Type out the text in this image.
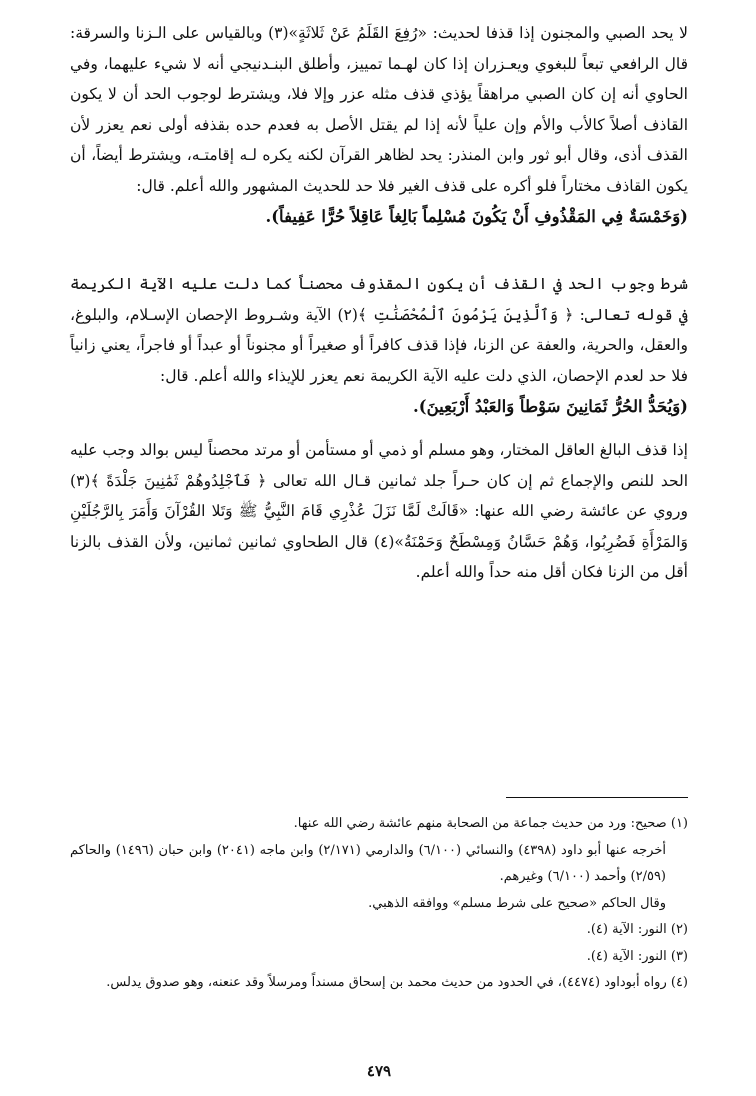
لا يحد الصبي والمجنون إذا قذفا لحديث: «رُفِعَ القَلَمُ عَنْ ثَلاثَةٍ»(٣) وبالقياس على الـزنا والسرقة: قال الرافعي تبعاً للبغوي ويعـزران إذا كان لهـما تمييز، وأطلق البنـدنيجي أنه لا شيء عليهما، وفي الحاوي أنه إن كان الصبي مراهقاً يؤذي قذف مثله عزر وإلا فلا، ويشترط لوجوب الحد أن لا يكون القاذف أصلاً كالأب والأم وإن علياً لأنه إذا لم يقتل الأصل به فعدم حده بقذفه أولى نعم يعزر لأن القذف أذى، وقال أبو ثور وابن المنذر: يحد لظاهر القرآن لكنه يكره لـه إقامتـه، ويشترط أيضاً، أن يكون القاذف مختاراً فلو أكره على قذف الغير فلا حد للحديث المشهور والله أعلم. قال:

(وَخَمْسَةٌ فِي المَقْذُوفِ أَنْ يَكُونَ مُسْلِماً بَالِغاً عَاقِلاً حُرًّا عَفِيفاً).

شرط وجوب الحد في القذف أن يكون المقذوف محصناً كما دلت عليه الآية الكريمة في قوله تعالى: ﴿ وَٱلَّذِينَ يَرْمُونَ ٱلْمُحْصَنَٰتِ ﴾(٢) الآية وشـروط الإحصان الإسـلام، والبلوغ، والعقل، والحرية، والعفة عن الزنا، فإذا قذف كافراً أو صغيراً أو مجنوناً أو عبداً أو فاجراً، يعني زانياً فلا حد لعدم الإحصان، الذي دلت عليه الآية الكريمة نعم يعزر للإيذاء والله أعلم. قال:

(وَيُحَدُّ الحُرُّ ثَمَانِينَ سَوْطاً وَالعَبْدُ أَرْبَعِينَ).

إذا قذف البالغ العاقل المختار، وهو مسلم أو ذمي أو مستأمن أو مرتد محصناً ليس بوالد وجب عليه الحد للنص والإجماع ثم إن كان حـراً جلد ثمانين قـال الله تعالى ﴿ فَٱجْلِدُوهُمْ ثَمَٰنِينَ جَلْدَةً ﴾(٣) وروي عن عائشة رضي الله عنها: «قَالَتْ لَمَّا نَزَلَ عُذْرِي قَامَ النَّبِيُّ ﷺ وَتَلا القُرْآنَ وَأَمَرَ بِالرَّجُلَيْنِ وَالمَرْأَةِ فَضُرِبُوا، وَهُمْ حَسَّانُ وَمِسْطَحٌ وَحَمْنَةُ»(٤) قال الطحاوي ثمانين ثمانين، ولأن القذف بالزنا أقل من الزنا فكان أقل منه حداً والله أعلم.

(١) صحيح: ورد من حديث جماعة من الصحابة منهم عائشة رضي الله عنها.

أخرجه عنها أبو داود (٤٣٩٨) والنسائي (٦/١٠٠) والدارمي (٢/١٧١) وابن ماجه (٢٠٤١) وابن حبان (١٤٩٦) والحاكم (٢/٥٩) وأحمد (٦/١٠٠) وغيرهم.

وقال الحاكم «صحيح على شرط مسلم» ووافقه الذهبي.

(٢) النور: الآية (٤).

(٣) النور: الآية (٤).

(٤) رواه أبوداود (٤٤٧٤)، في الحدود من حديث محمد بن إسحاق مسنداً ومرسلاً وقد عنعنه، وهو صدوق يدلس.

٤٧٩
